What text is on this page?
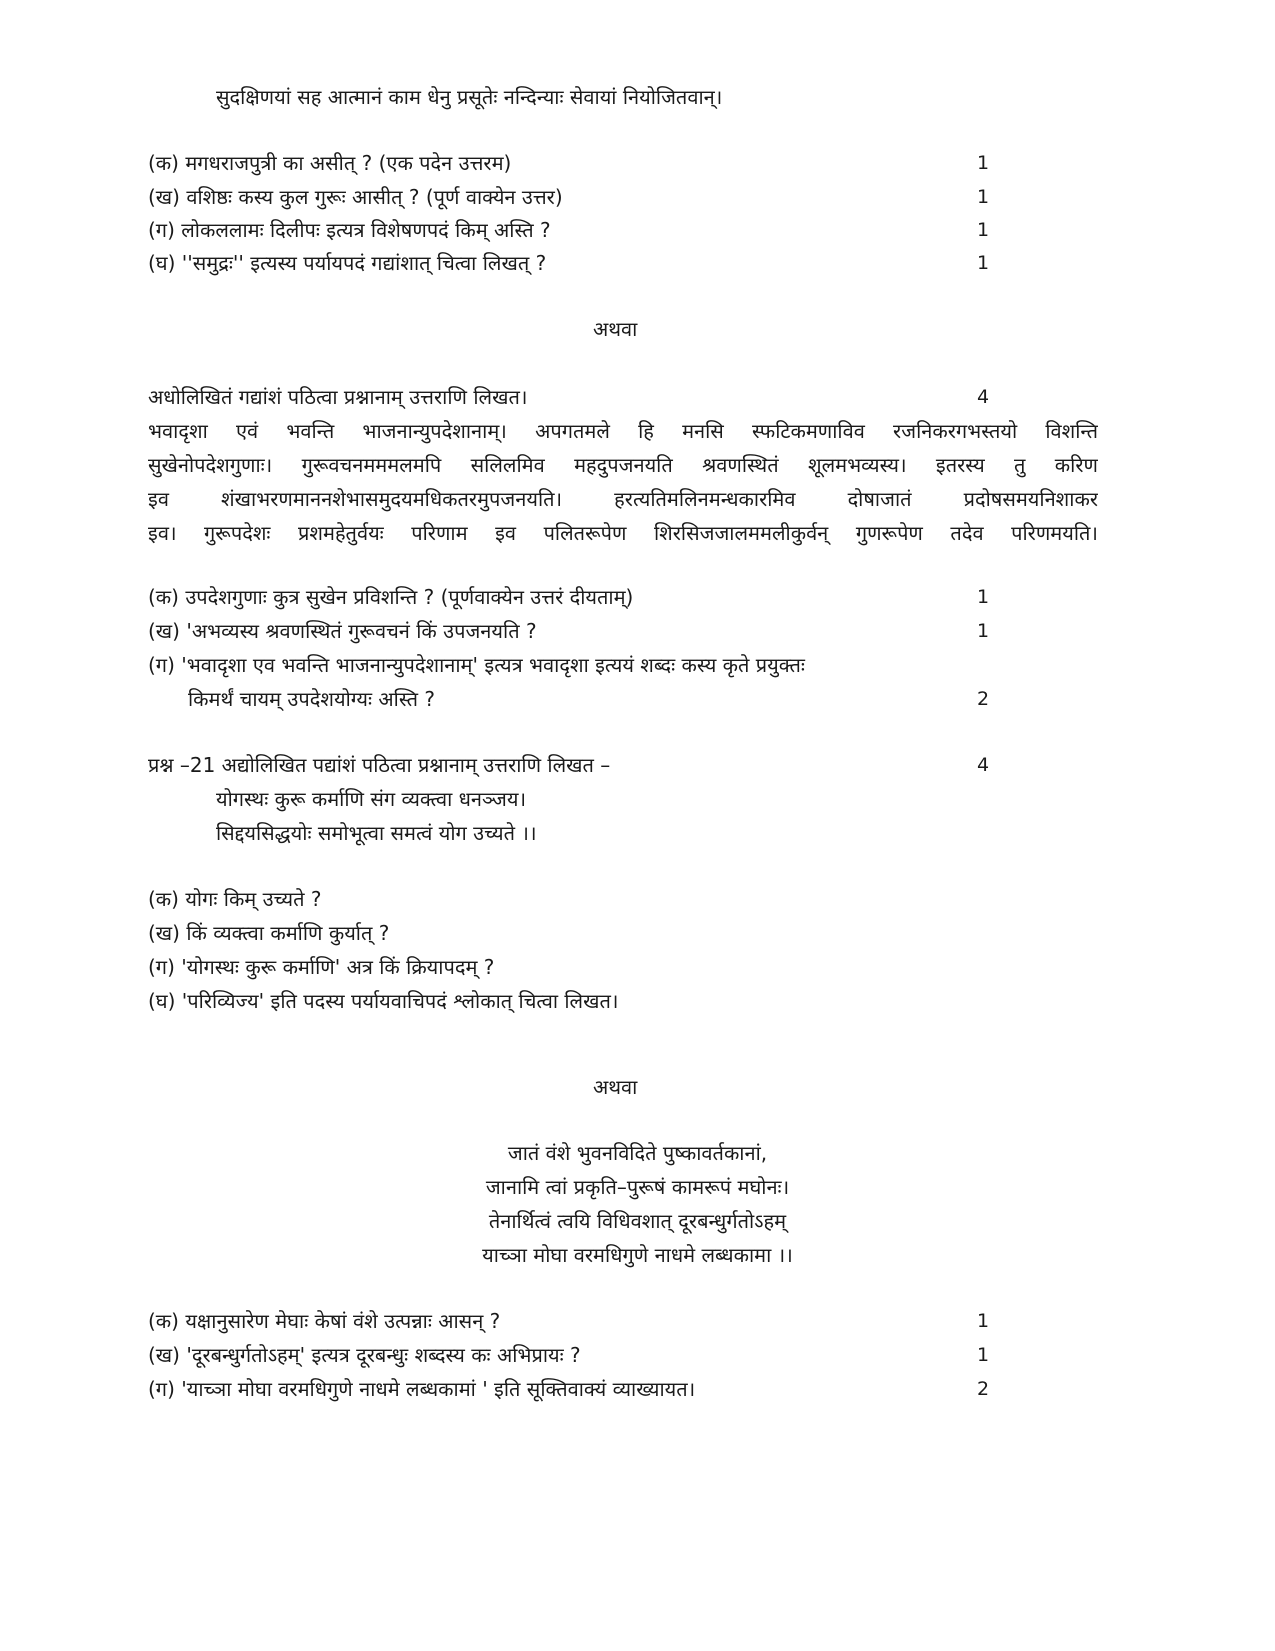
सुदक्षिणयां सह आत्मानं काम धेनु प्रसूतेः नन्दिन्याः सेवायां नियोजितवान्।
(क) मगधराजपुत्री का असीत् ? (एक पदेन उत्तरम)	1
(ख) वशिष्ठः कस्य कुल गुरूः आसीत् ? (पूर्ण वाक्येन उत्तर)	1
(ग) लोकललामः दिलीपः इत्यत्र विशेषणपदं किम् अस्ति ?	1
(घ) ''समुद्रः'' इत्यस्य पर्यायपदं गद्यांशात् चित्वा लिखत् ?	1
अथवा
अधोलिखितं गद्यांशं पठित्वा प्रश्नानाम् उत्तराणि लिखत।	4
भवादृशा एवं भवन्ति भाजनान्युपदेशानाम्। अपगतमले हि मनसि स्फटिकमणाविव रजनिकरगभस्तयो विशन्ति
सुखेनोपदेशगुणाः। गुरूवचनमममलमपि सलिलमिव महदुपजनयति श्रवणस्थितं शूलमभव्यस्य। इतरस्य तु करिण
इव शंखाभरणमाननशेभासमुदयमधिकतरमुपजनयति। हरत्यतिमलिनमन्धकारमिव दोषाजातं प्रदोषसमयनिशाकर
इव। गुरूपदेशः प्रशमहेतुर्वयः परिणाम इव पलितरूपेण शिरसिजजालममलीकुर्वन् गुणरूपेण तदेव परिणमयति।
(क) उपदेशगुणाः कुत्र सुखेन प्रविशन्ति ? (पूर्णवाक्येन उत्तरं दीयताम्)	1
(ख) 'अभव्यस्य श्रवणस्थितं गुरूवचनं किं उपजनयति ?	1
(ग) 'भवादृशा एव भवन्ति भाजनान्युपदेशानाम्' इत्यत्र भवादृशा इत्ययं शब्दः कस्य कृते प्रयुक्तः
किमर्थं चायम् उपदेशयोग्यः अस्ति ?	2
प्रश्न –21 अद्योलिखित पद्यांशं पठित्वा प्रश्नानाम् उत्तराणि लिखत –	4
योगस्थः कुरू कर्माणि संग व्यक्त्वा धनञ्जय।
सिद्दयसिद्धयोः समोभूत्वा समत्वं योग उच्यते ।।
(क) योगः किम् उच्यते ?
(ख) किं व्यक्त्वा कर्माणि कुर्यात् ?
(ग) 'योगस्थः कुरू कर्माणि' अत्र किं क्रियापदम् ?
(घ) 'परिव्यिज्य' इति पदस्य पर्यायवाचिपदं श्लोकात् चित्वा लिखत।
अथवा
जातं वंशे भुवनविदिते पुष्कावर्तकानां,
जानामि त्वां प्रकृति–पुरूषं कामरूपं मघोनः।
तेनार्थित्वं त्वयि विधिवशात् दूरबन्धुर्गतोऽहम्
याच्ञा मोघा वरमधिगुणे नाधमे लब्धकामा ।।
(क) यक्षानुसारेण मेघाः केषां वंशे उत्पन्नाः आसन् ?	1
(ख) 'दूरबन्धुर्गतोऽहम्' इत्यत्र दूरबन्धुः शब्दस्य कः अभिप्रायः ?	1
(ग) 'याच्ञा मोघा वरमधिगुणे नाधमे लब्धकामां ' इति सूक्तिवाक्यं व्याख्यायत।	2
